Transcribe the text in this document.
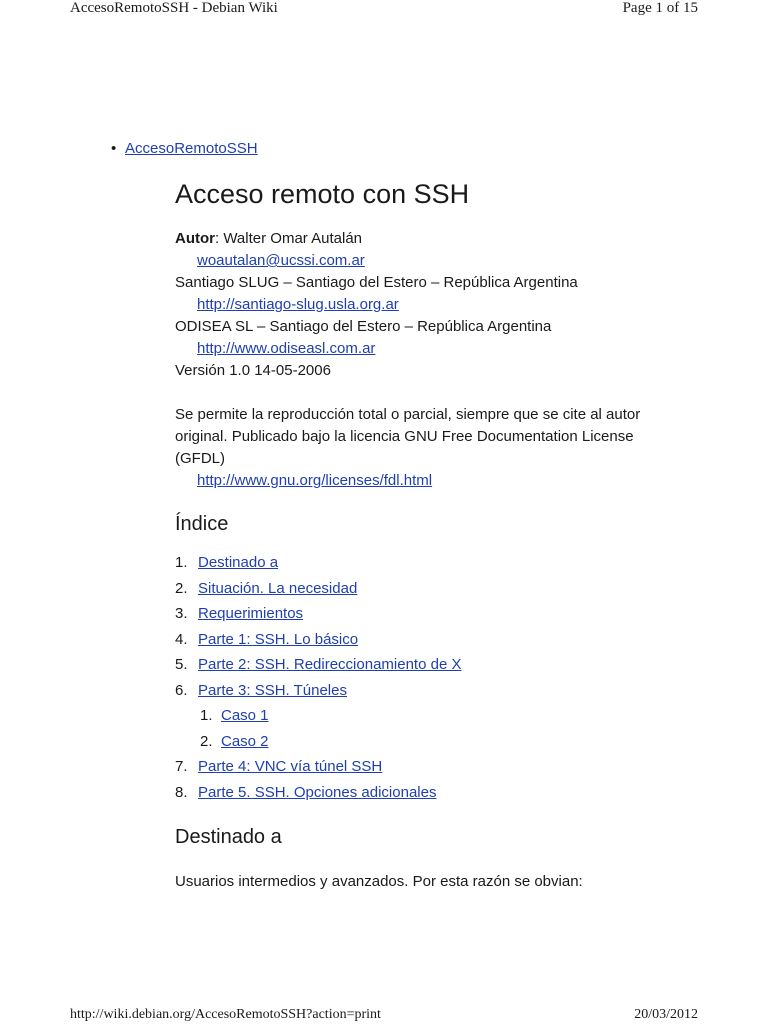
AccesoRemotoSSH - Debian Wiki	Page 1 of 15
• AccesoRemotoSSH
Acceso remoto con SSH

Autor: Walter Omar Autalán

woautalan@ucssi.com.ar

Santiago SLUG – Santiago del Estero – República Argentina

http://santiago-slug.usla.org.ar

ODISEA SL – Santiago del Estero – República Argentina

http://www.odiseasl.com.ar

Versión 1.0 14-05-2006

Se permite la reproducción total o parcial, siempre que se cite al autor original. Publicado bajo la licencia GNU Free Documentation License (GFDL)

http://www.gnu.org/licenses/fdl.html

Índice
1. Destinado a
2. Situación. La necesidad
3. Requerimientos
4. Parte 1: SSH. Lo básico
5. Parte 2: SSH. Redireccionamiento de X
6. Parte 3: SSH. Túneles
1. Caso 1
2. Caso 2
7. Parte 4: VNC vía túnel SSH
8. Parte 5. SSH. Opciones adicionales
Destinado a

Usuarios intermedios y avanzados. Por esta razón se obvian:

http://wiki.debian.org/AccesoRemotoSSH?action=print	20/03/2012
